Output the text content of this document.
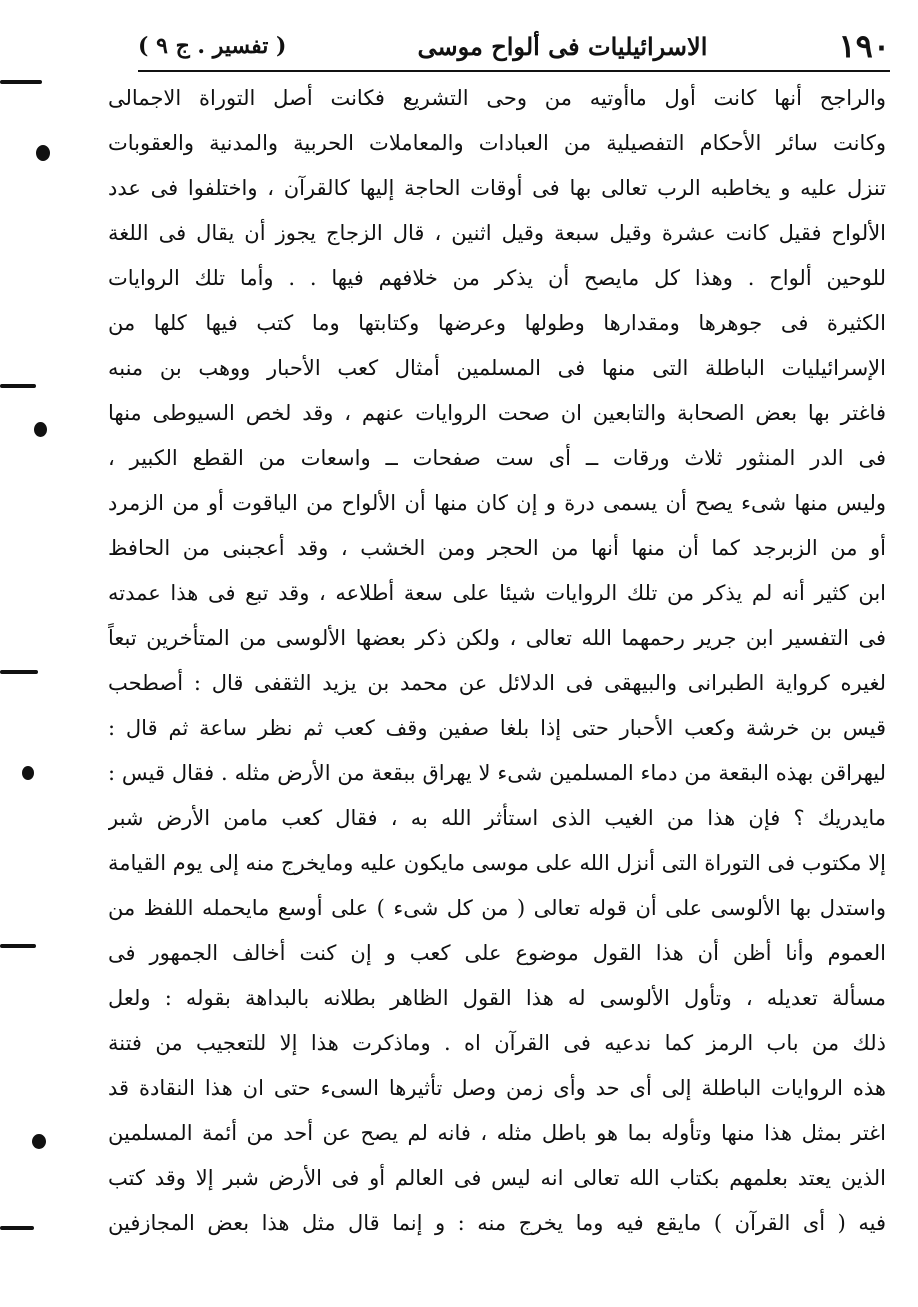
١٩٠
الاسرائيليات فى ألواح موسى
( تفسير . ج ٩ )
والراجح أنها كانت أول ماأوتيه من وحى التشريع فكانت أصل التوراة الاجمالى
وكانت سائر الأحكام التفصيلية من العبادات والمعاملات الحربية والمدنية والعقوبات
تنزل عليه و يخاطبه الرب تعالى بها فى أوقات الحاجة إليها كالقرآن ، واختلفوا فى عدد
الألواح فقيل كانت عشرة وقيل سبعة وقيل اثنين ، قال الزجاج يجوز أن يقال فى اللغة
للوحين ألواح . وهذا كل مايصح أن يذكر من خلافهم فيها . . وأما تلك الروايات
الكثيرة فى جوهرها ومقدارها وطولها وعرضها وكتابتها وما كتب فيها كلها من
الإسرائيليات الباطلة التى منها فى المسلمين أمثال كعب الأحبار ووهب بن منبه
فاغتر بها بعض الصحابة والتابعين ان صحت الروايات عنهم ، وقد لخص السيوطى منها
فى الدر المنثور ثلاث ورقات ــ أى ست صفحات ــ واسعات من القطع الكبير ،
وليس منها شىء يصح أن يسمى درة و إن كان منها أن الألواح من الياقوت أو من الزمرد
أو من الزبرجد كما أن منها أنها من الحجر ومن الخشب ، وقد أعجبنى من الحافظ
ابن كثير أنه لم يذكر من تلك الروايات شيئا على سعة أطلاعه ، وقد تبع فى هذا عمدته
فى التفسير ابن جرير رحمهما الله تعالى ، ولكن ذكر بعضها الألوسى من المتأخرين تبعاً
لغيره كرواية الطبرانى والبيهقى فى الدلائل عن محمد بن يزيد الثقفى قال : أصطحب
قيس بن خرشة وكعب الأحبار حتى إذا بلغا صفين وقف كعب ثم نظر ساعة ثم قال :
ليهراقن بهذه البقعة من دماء المسلمين شىء لا يهراق ببقعة من الأرض مثله . فقال قيس :
مايدريك ؟ فإن هذا من الغيب الذى استأثر الله به ، فقال كعب مامن الأرض شبر
إلا مكتوب فى التوراة التى أنزل الله على موسى مايكون عليه ومايخرج منه إلى يوم القيامة
واستدل بها الألوسى على أن قوله تعالى ( من كل شىء ) على أوسع مايحمله اللفظ من
العموم وأنا أظن أن هذا القول موضوع على كعب و إن كنت أخالف الجمهور فى
مسألة تعديله ، وتأول الألوسى له هذا القول الظاهر بطلانه بالبداهة بقوله : ولعل
ذلك من باب الرمز كما ندعيه فى القرآن اه . وماذكرت هذا إلا للتعجيب من فتنة
هذه الروايات الباطلة إلى أى حد وأى زمن وصل تأثيرها السىء حتى ان هذا النقادة قد
اغتر بمثل هذا منها وتأوله بما هو باطل مثله ، فانه لم يصح عن أحد من أئمة المسلمين
الذين يعتد بعلمهم بكتاب الله تعالى انه ليس فى العالم أو فى الأرض شبر إلا وقد كتب
فيه ( أى القرآن ) مايقع فيه وما يخرج منه : و إنما قال مثل هذا بعض المجازفين
